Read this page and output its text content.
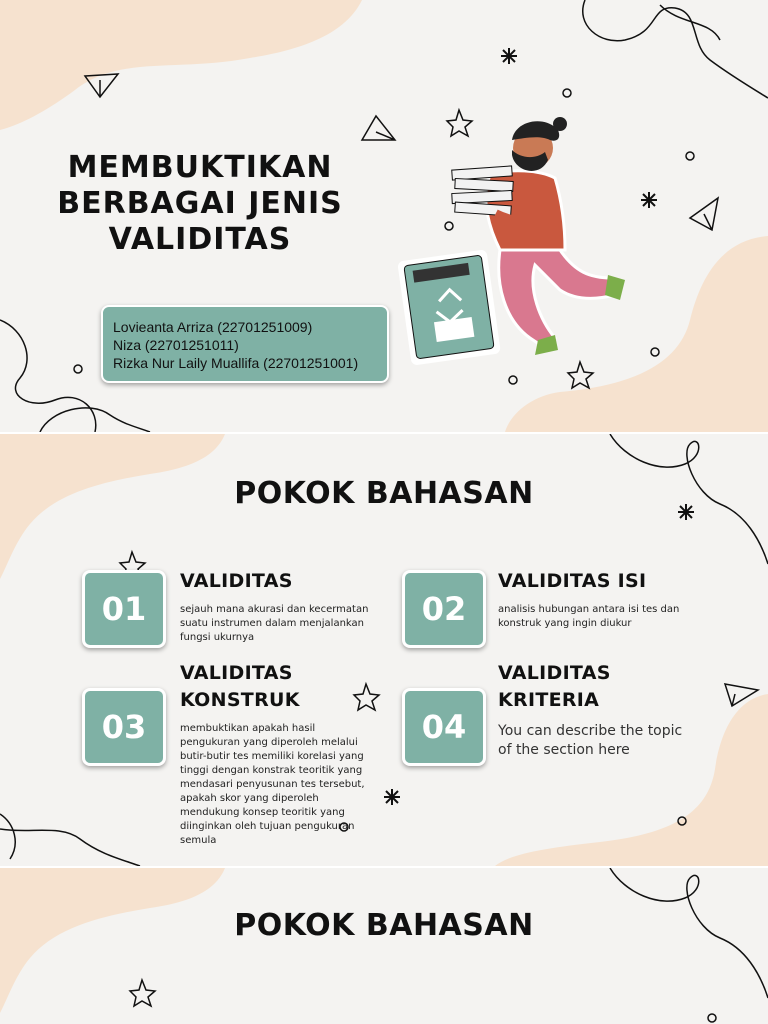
MEMBUKTIKAN BERBAGAI JENIS VALIDITAS
Lovieanta Arriza (22701251009)
Niza (22701251011)
Rizka Nur Laily Muallifa (22701251001)
POKOK BAHASAN
01
VALIDITAS
sejauh mana akurasi dan kecermatan suatu instrumen dalam menjalankan fungsi ukurnya
02
VALIDITAS ISI
analisis hubungan antara isi tes dan konstruk yang ingin diukur
03
VALIDITAS
KONSTRUK
membuktikan apakah hasil pengukuran yang diperoleh melalui butir-butir tes memiliki korelasi yang tinggi dengan konstrak teoritik yang mendasari penyusunan tes tersebut, apakah skor yang diperoleh mendukung konsep teoritik yang diinginkan oleh tujuan pengukuran semula
04
VALIDITAS
KRITERIA
You can describe the topic of the section here
POKOK BAHASAN
